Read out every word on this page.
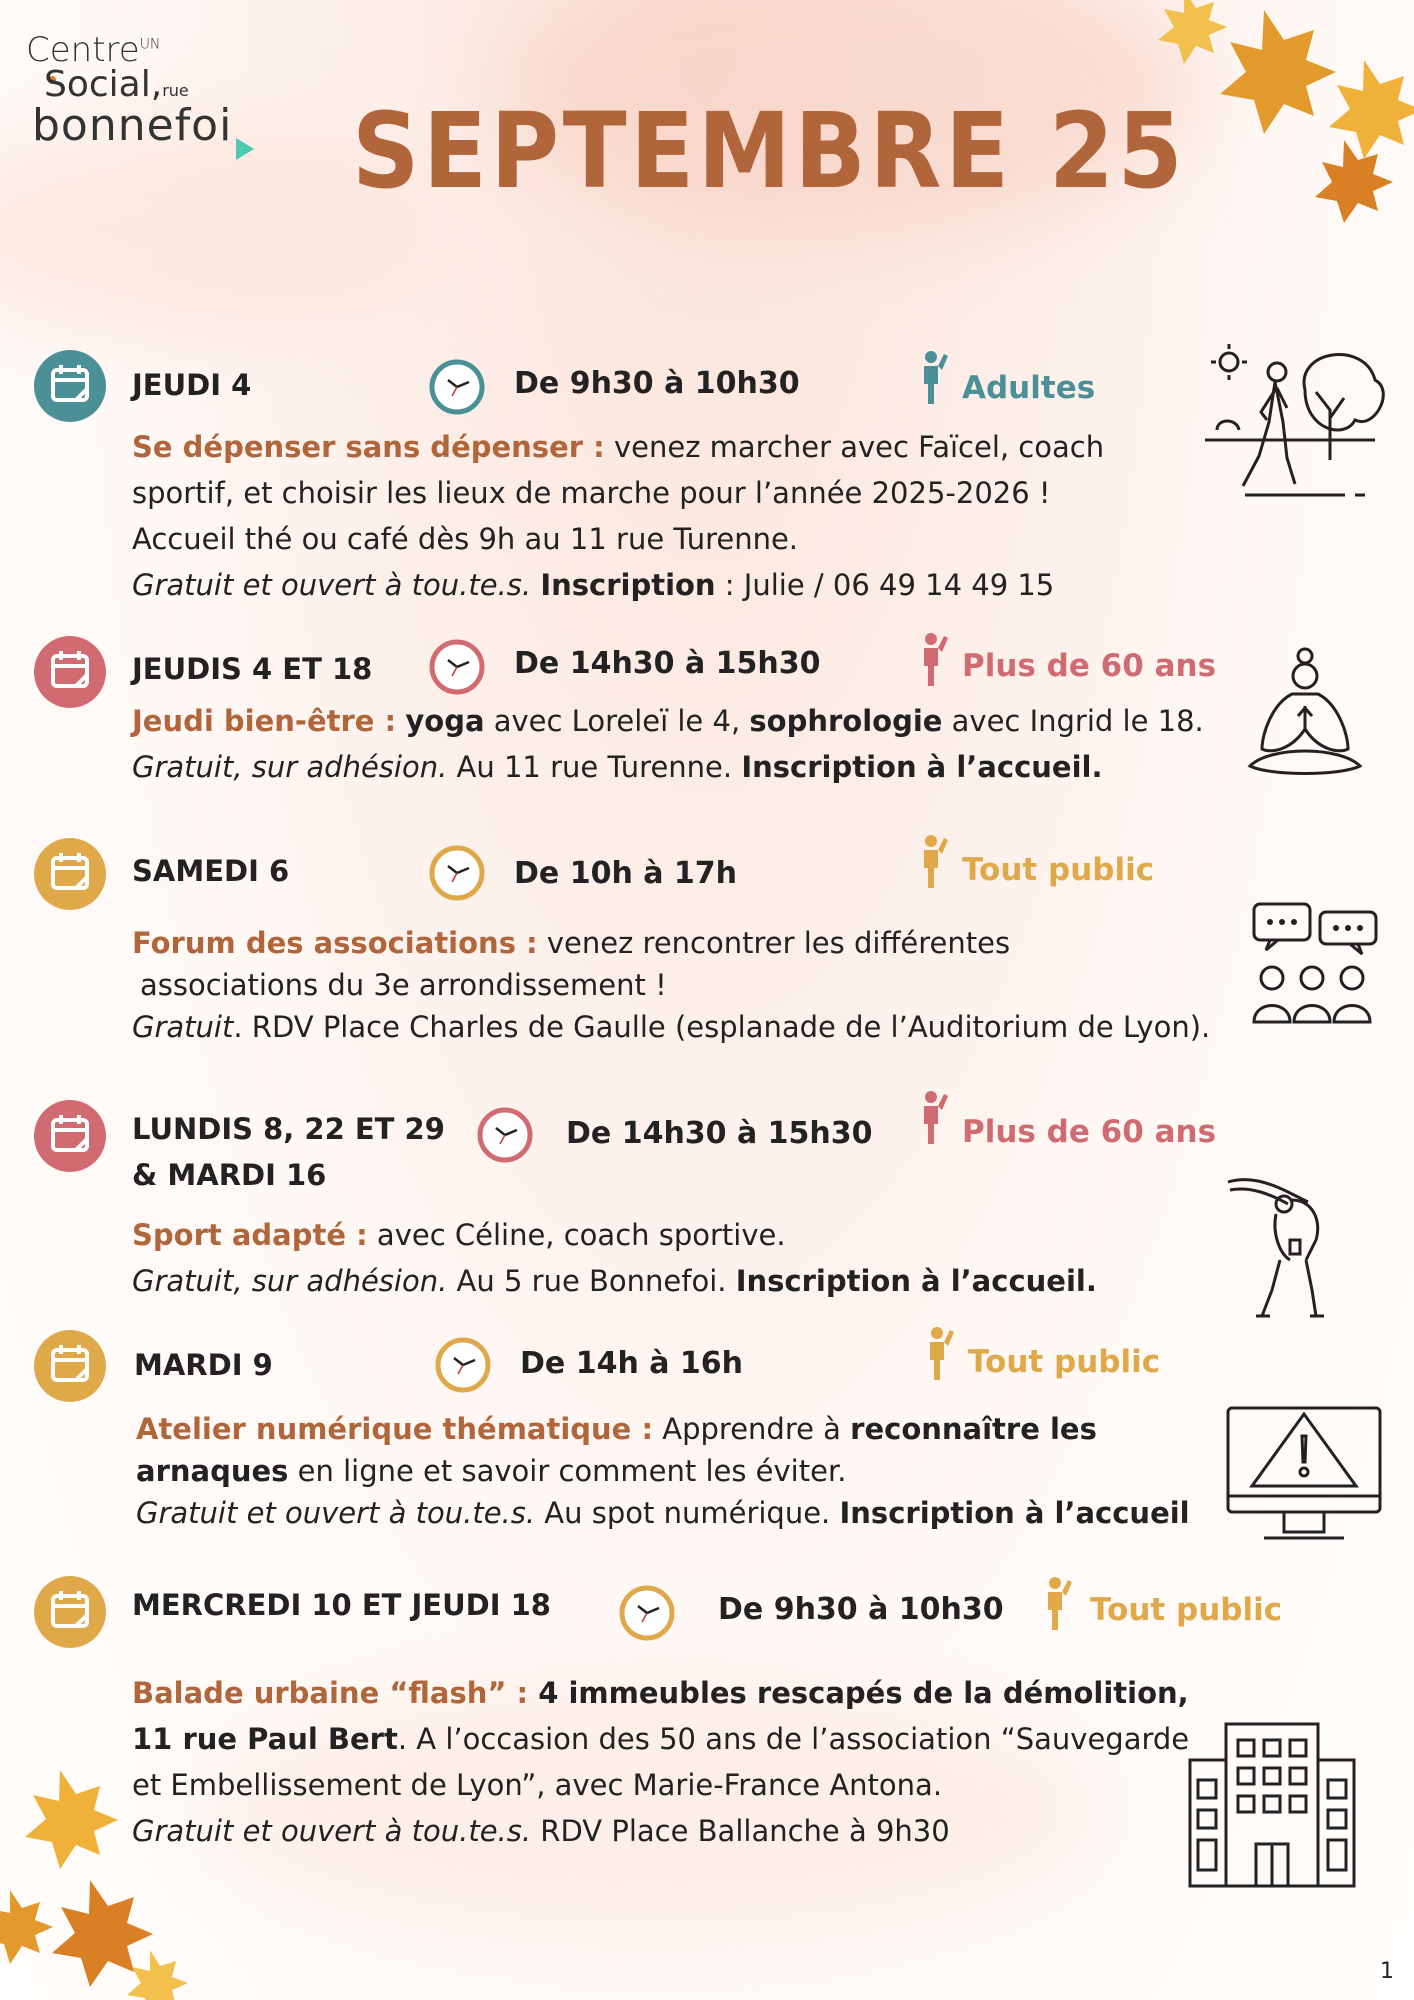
Centre$^{UN}$
Social,rue
bonnefoi SEPTEMBRE 25
JEUDI 4	De 9h30 à 10h30	Adultes
Se dépenser sans dépenser : venez marcher avec Faïcel, coach
sportif, et choisir les lieux de marche pour l’année 2025-2026 !
Accueil thé ou café dès 9h au 11 rue Turenne.
Gratuit et ouvert à tou.te.s. Inscription : Julie / 06 49 14 49 15
JEUDIS 4 ET 18	De 14h30 à 15h30	Plus de 60 ans
Jeudi bien-être : yoga avec Loreleï le 4, sophrologie avec Ingrid le 18.
Gratuit, sur adhésion. Au 11 rue Turenne. Inscription à l’accueil.
SAMEDI 6	De 10h à 17h	Tout public
Forum des associations : venez rencontrer les différentes
associations du 3e arrondissement !
Gratuit. RDV Place Charles de Gaulle (esplanade de l’Auditorium de Lyon).
LUNDIS 8, 22 ET 29
& MARDI 16
De 14h30 à 15h30	Plus de 60 ans
Sport adapté : avec Céline, coach sportive.
Gratuit, sur adhésion. Au 5 rue Bonnefoi. Inscription à l’accueil.
MARDI 9	De 14h à 16h	Tout public
Atelier numérique thématique : Apprendre à reconnaître les
arnaques en ligne et savoir comment les éviter.
Gratuit et ouvert à tou.te.s. Au spot numérique. Inscription à l’accueil
MERCREDI 10 ET JEUDI 18	De 9h30 à 10h30	Tout public
Balade urbaine “flash” : 4 immeubles rescapés de la démolition,
11 rue Paul Bert. A l’occasion des 50 ans de l’association “Sauvegarde
et Embellissement de Lyon”, avec Marie-France Antona.
Gratuit et ouvert à tou.te.s. RDV Place Ballanche à 9h30
1
